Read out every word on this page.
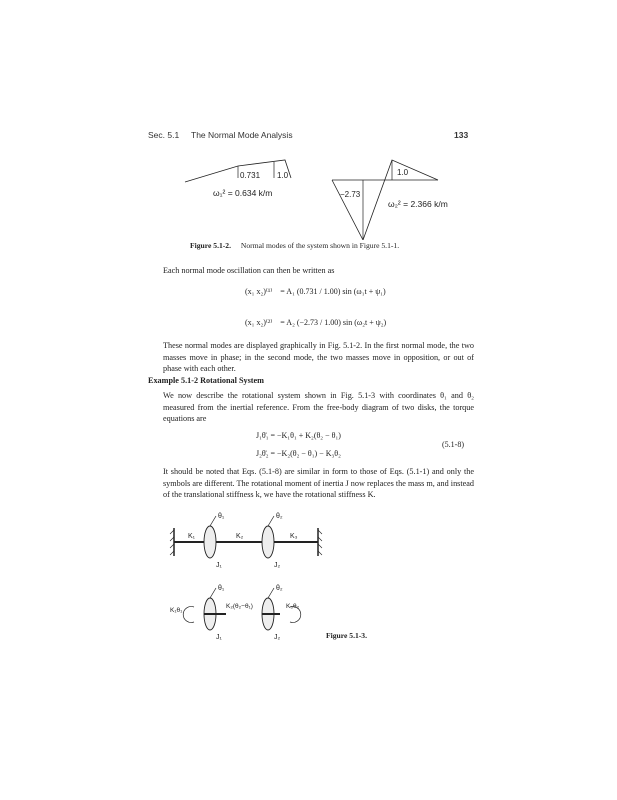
Sec. 5.1 The Normal Mode Analysis	133
0.731 1.0
ω₁² = 0.634 k/m	−2.73
1.0
ω₂² = 2.366 k/m
Figure 5.1-2. Normal modes of the system shown in Figure 5.1-1.
Each normal mode oscillation can then be written as
(x₁ x₂)⁽¹⁾ = A₁ (0.731 / 1.00) sin (ω₁t + ψ₁)
(x₁ x₂)⁽²⁾ = A₂ (−2.73 / 1.00) sin (ω₂t + ψ₂)
These normal modes are displayed graphically in Fig. 5.1-2. In the first normal mode, the two masses move in phase; in the second mode, the two masses move in opposition, or out of phase with each other.
Example 5.1-2 Rotational System
We now describe the rotational system shown in Fig. 5.1-3 with coordinates θ₁ and θ₂ measured from the inertial reference. From the free-body diagram of two disks, the torque equations are
J₁θ̈₁ = −K₁θ₁ + K₂(θ₂ − θ₁)
J₂θ̈₂ = −K₂(θ₂ − θ₁) − K₃θ₂
(5.1-8)
It should be noted that Eqs. (5.1-8) are similar in form to those of Eqs. (5.1-1) and only the symbols are different. The rotational moment of inertia J now replaces the mass m, and instead of the translational stiffness k, we have the rotational stiffness K.
K₁	K₂	K₃
J₁	J₂
θ₁	θ₂
K₁θ₁
K₂(θ₂−θ₁)	K₃θ₂
J₁	J₂
θ₁	θ₂
Figure 5.1-3.
